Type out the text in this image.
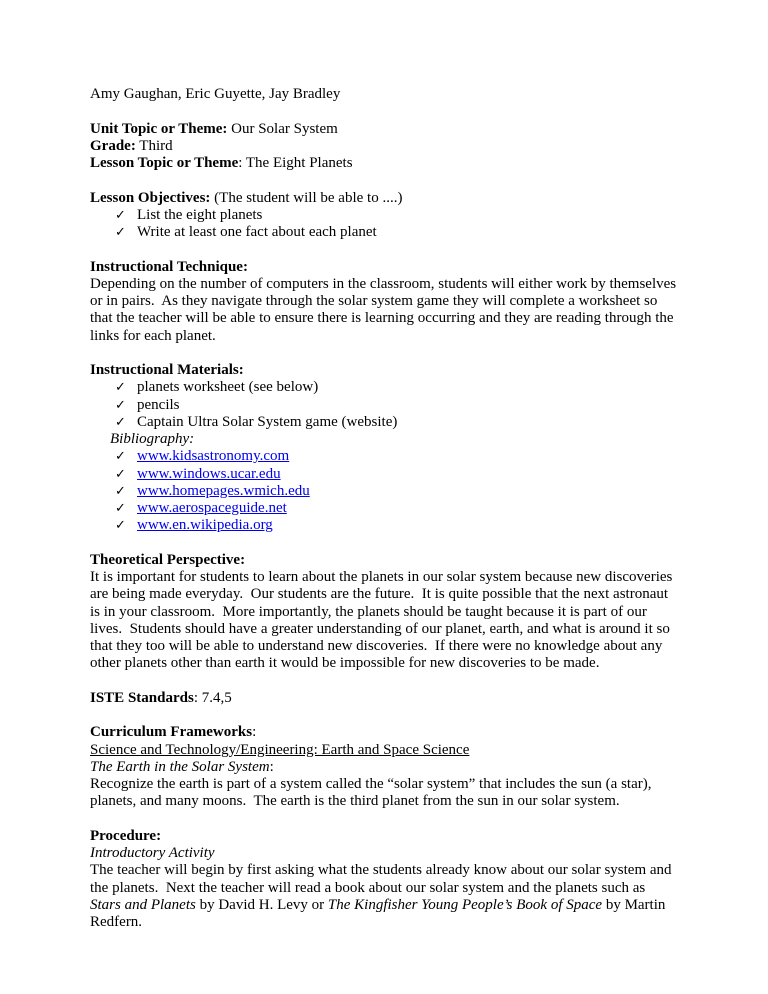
Amy Gaughan, Eric Guyette, Jay Bradley
Unit Topic or Theme: Our Solar System
Grade: Third
Lesson Topic or Theme: The Eight Planets
Lesson Objectives: (The student will be able to ....)
✓ List the eight planets
✓ Write at least one fact about each planet
Instructional Technique:

Depending on the number of computers in the classroom, students will either work by themselves or in pairs.  As they navigate through the solar system game they will complete a worksheet so that the teacher will be able to ensure there is learning occurring and they are reading through the links for each planet.

Instructional Materials:
✓ planets worksheet (see below)
✓ pencils
✓ Captain Ultra Solar System game (website)
Bibliography:
✓ www.kidsastronomy.com
✓ www.windows.ucar.edu
✓ www.homepages.wmich.edu
✓ www.aerospaceguide.net
✓ www.en.wikipedia.org
Theoretical Perspective:

It is important for students to learn about the planets in our solar system because new discoveries are being made everyday.  Our students are the future.  It is quite possible that the next astronaut is in your classroom.  More importantly, the planets should be taught because it is part of our lives.  Students should have a greater understanding of our planet, earth, and what is around it so that they too will be able to understand new discoveries.  If there were no knowledge about any other planets other than earth it would be impossible for new discoveries to be made.

ISTE Standards: 7.4,5
Curriculum Frameworks:
Science and Technology/Engineering: Earth and Space Science
The Earth in the Solar System:

Recognize the earth is part of a system called the “solar system” that includes the sun (a star), planets, and many moons.  The earth is the third planet from the sun in our solar system.

Procedure:
Introductory Activity

The teacher will begin by first asking what the students already know about our solar system and the planets.  Next the teacher will read a book about our solar system and the planets such as Stars and Planets by David H. Levy or The Kingfisher Young People’s Book of Space by Martin Redfern.
